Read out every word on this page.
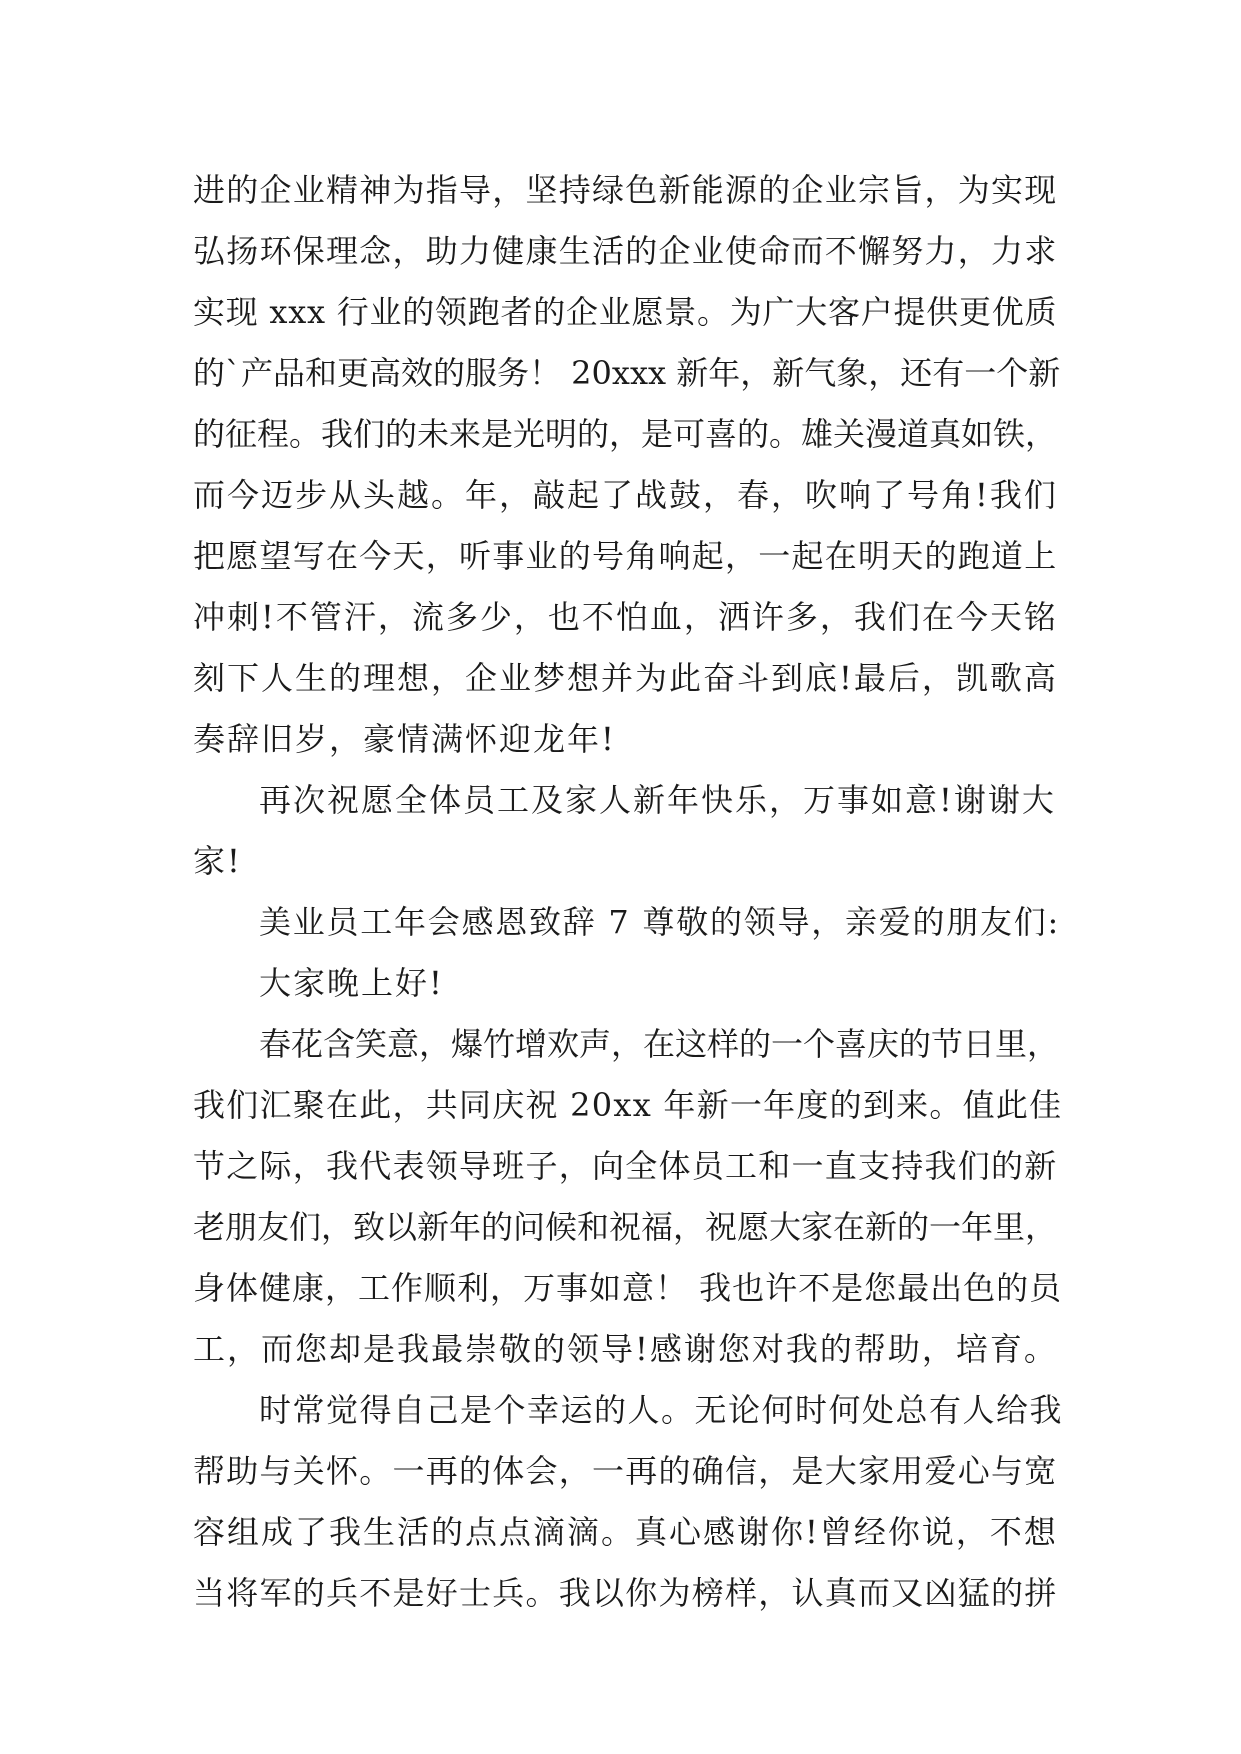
进的企业精神为指导，坚持绿色新能源的企业宗旨，为实现
弘扬环保理念，助力健康生活的企业使命而不懈努力，力求
实现 xxx 行业的领跑者的企业愿景。为广大客户提供更优质
的`产品和更高效的服务！ 20xxx 新年，新气象，还有一个新
的征程。我们的未来是光明的，是可喜的。雄关漫道真如铁，
而今迈步从头越。年，敲起了战鼓，春，吹响了号角!我们
把愿望写在今天，听事业的号角响起，一起在明天的跑道上
冲刺!不管汗，流多少，也不怕血，洒许多，我们在今天铭
刻下人生的理想，企业梦想并为此奋斗到底!最后，凯歌高
奏辞旧岁，豪情满怀迎龙年!
再次祝愿全体员工及家人新年快乐，万事如意!谢谢大
家!
美业员工年会感恩致辞 7 尊敬的领导，亲爱的朋友们:
大家晚上好!
春花含笑意，爆竹增欢声，在这样的一个喜庆的节日里，
我们汇聚在此，共同庆祝 20xx 年新一年度的到来。值此佳
节之际，我代表领导班子，向全体员工和一直支持我们的新
老朋友们，致以新年的问候和祝福，祝愿大家在新的一年里，
身体健康，工作顺利，万事如意！ 我也许不是您最出色的员
工，而您却是我最崇敬的领导!感谢您对我的帮助，培育。
时常觉得自己是个幸运的人。无论何时何处总有人给我
帮助与关怀。一再的体会，一再的确信，是大家用爱心与宽
容组成了我生活的点点滴滴。真心感谢你!曾经你说，不想
当将军的兵不是好士兵。我以你为榜样，认真而又凶猛的拼
